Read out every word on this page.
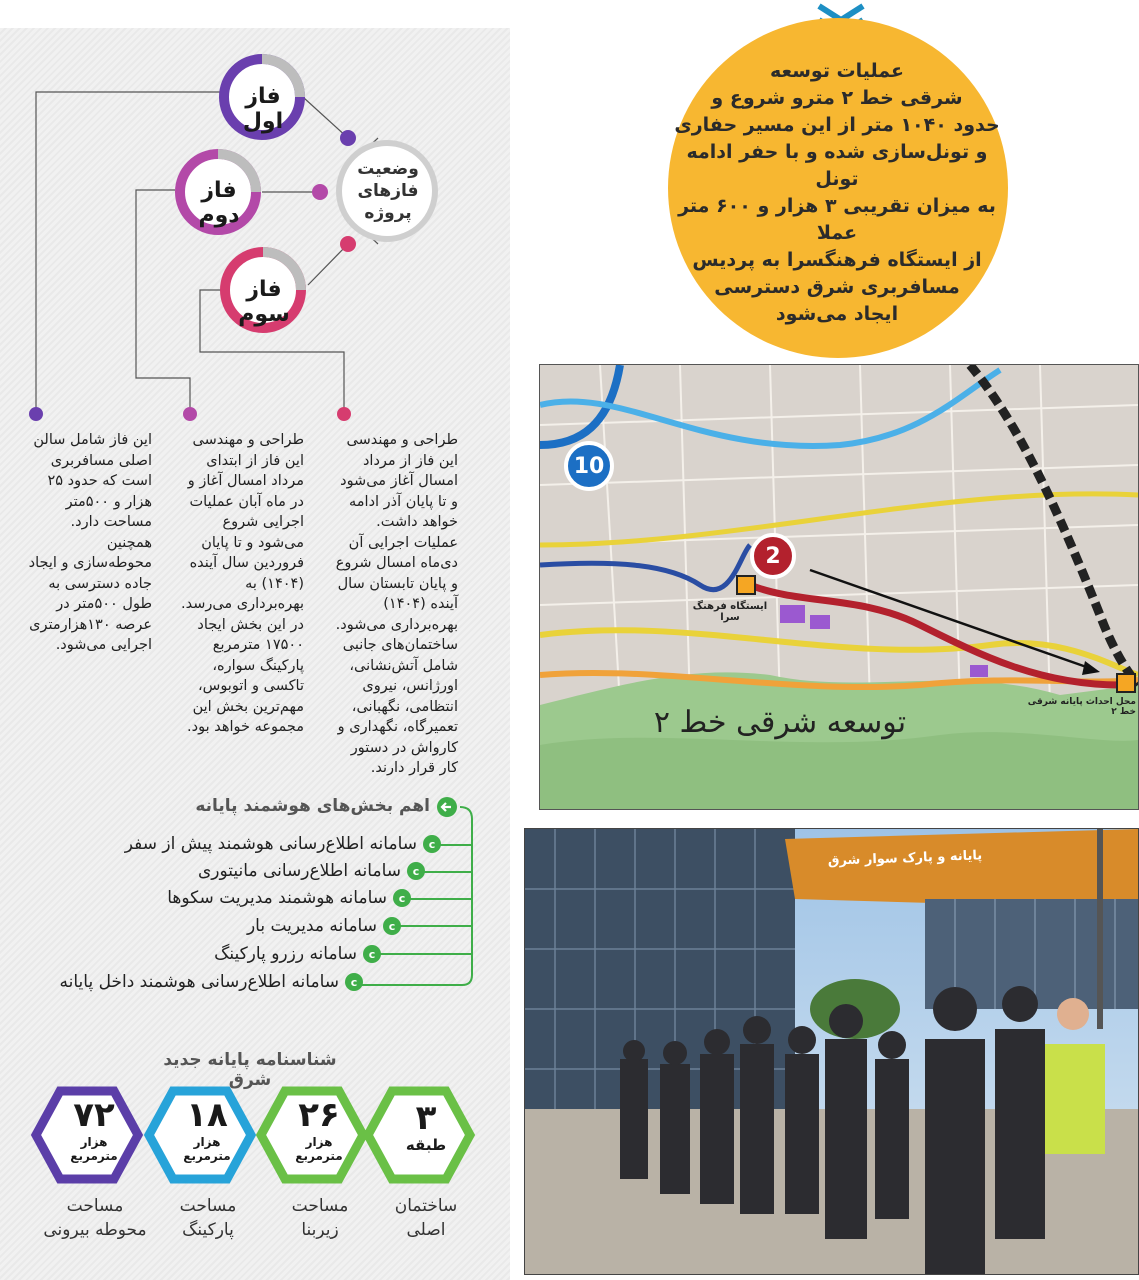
وضعیت فازهای پروژه
فاز اول
فاز دوم
فاز سوم
این فاز شامل سالن اصلی مسافربری است که حدود ۲۵ هزار و ۵۰۰متر مساحت دارد. همچنین محوطه‌سازی و ایجاد جاده دسترسی به طول ۵۰۰متر در عرصه ۱۳۰هزارمتری اجرایی می‌شود.
طراحی و مهندسی این فاز از ابتدای مرداد امسال آغاز و در ماه آبان عملیات اجرایی شروع می‌شود و تا پایان فروردین سال آینده (۱۴۰۴) به بهره‌برداری می‌رسد. در این بخش ایجاد ۱۷۵۰۰ مترمربع پارکینگ سواره، تاکسی و اتوبوس، مهم‌ترین بخش این مجموعه خواهد بود.
طراحی و مهندسی این فاز از مرداد امسال آغاز می‌شود و تا پایان آذر ادامه خواهد داشت. عملیات اجرایی آن دی‌ماه امسال شروع و پایان تابستان سال آینده (۱۴۰۴) بهره‌برداری می‌شود. ساختمان‌های جانبی شامل آتش‌نشانی، اورژانس، نیروی انتظامی، نگهبانی، تعمیرگاه، نگهداری و کارواش در دستور کار قرار دارند.
اهم بخش‌های هوشمند پایانه
c
سامانه اطلاع‌رسانی هوشمند پیش از سفر
c
سامانه اطلاع‌رسانی مانیتوری
c
سامانه هوشمند مدیریت سکوها
c
سامانه مدیریت بار
c
سامانه رزرو پارکینگ
c
سامانه اطلاع‌رسانی هوشمند داخل پایانه
شناسنامه پایانه جدید شرق
۷۲
هزار
مترمربع
۱۸
هزار
مترمربع
۲۶
هزار
مترمربع
۳
طبقه
مساحت
محوطه بیرونی
مساحت
پارکینگ
مساحت
زیربنا
ساختمان
اصلی
عملیات توسعه
شرقی خط ۲ مترو شروع و
حدود ۱۰۴۰ متر از این مسیر حفاری
و تونل‌سازی شده و با حفر ادامه تونل
به میزان تقریبی ۳ هزار و ۶۰۰ متر عملا
از ایستگاه فرهنگسرا به پردیس
مسافربری شرق دسترسی
ایجاد می‌شود
10
2
ایستگاه فرهنگ سرا
محل احداث پایانه شرقی خط ۲
توسعه شرقی خط ۲
پایانه و پارک سوار شرق
